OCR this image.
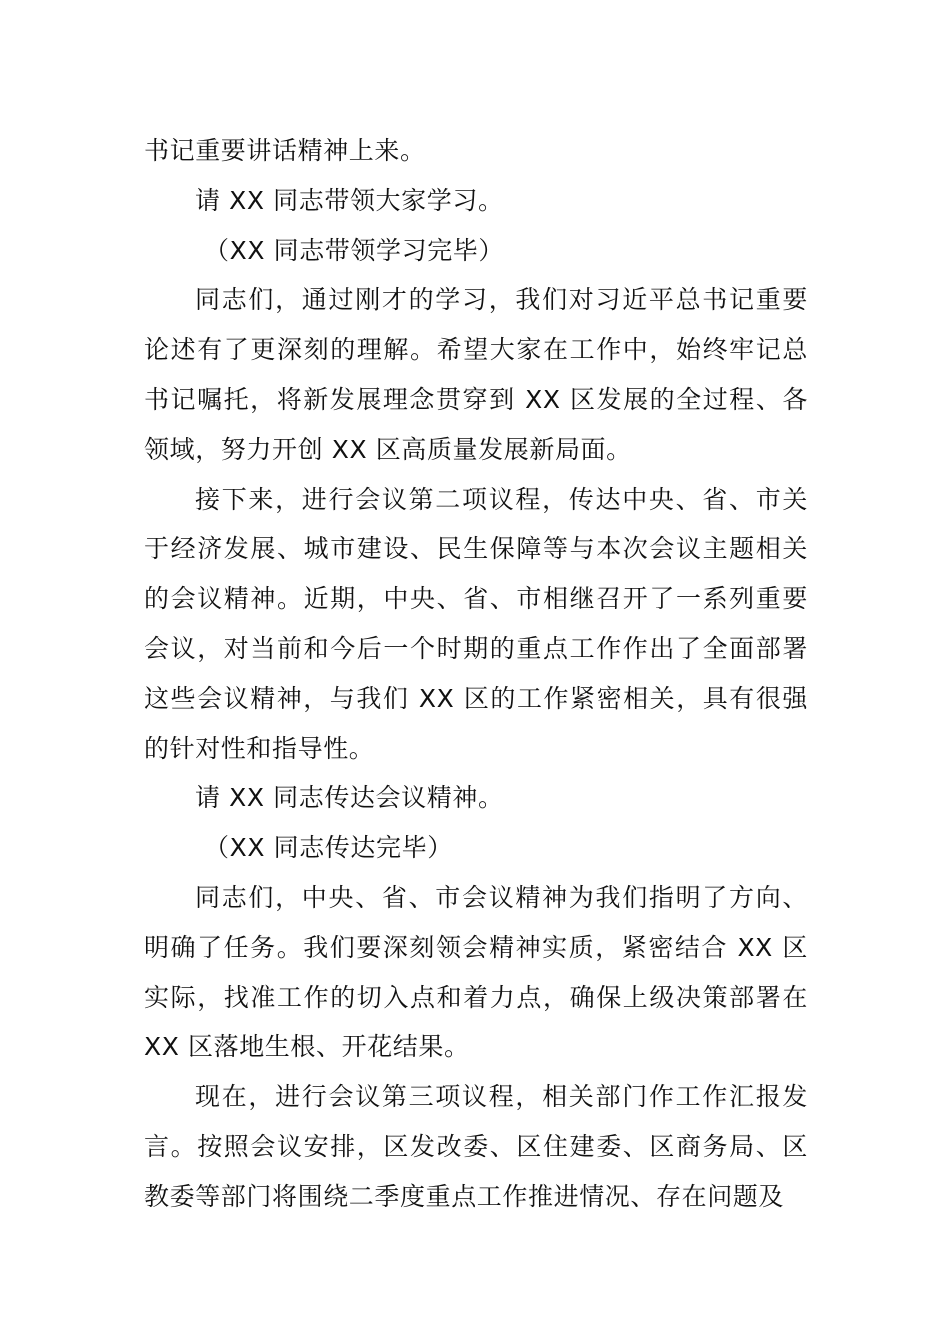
书记重要讲话精神上来。

请 XX 同志带领大家学习。

（XX 同志带领学习完毕）

同志们，通过刚才的学习，我们对习近平总书记重要论述有了更深刻的理解。希望大家在工作中，始终牢记总书记嘱托，将新发展理念贯穿到 XX 区发展的全过程、各领域，努力开创 XX 区高质量发展新局面。

接下来，进行会议第二项议程，传达中央、省、市关于经济发展、城市建设、民生保障等与本次会议主题相关的会议精神。近期，中央、省、市相继召开了一系列重要会议，对当前和今后一个时期的重点工作作出了全面部署这些会议精神，与我们 XX 区的工作紧密相关，具有很强的针对性和指导性。

请 XX 同志传达会议精神。

（XX 同志传达完毕）

同志们，中央、省、市会议精神为我们指明了方向、明确了任务。我们要深刻领会精神实质，紧密结合 XX 区实际，找准工作的切入点和着力点，确保上级决策部署在 XX 区落地生根、开花结果。

现在，进行会议第三项议程，相关部门作工作汇报发言。按照会议安排，区发改委、区住建委、区商务局、区教委等部门将围绕二季度重点工作推进情况、存在问题及
